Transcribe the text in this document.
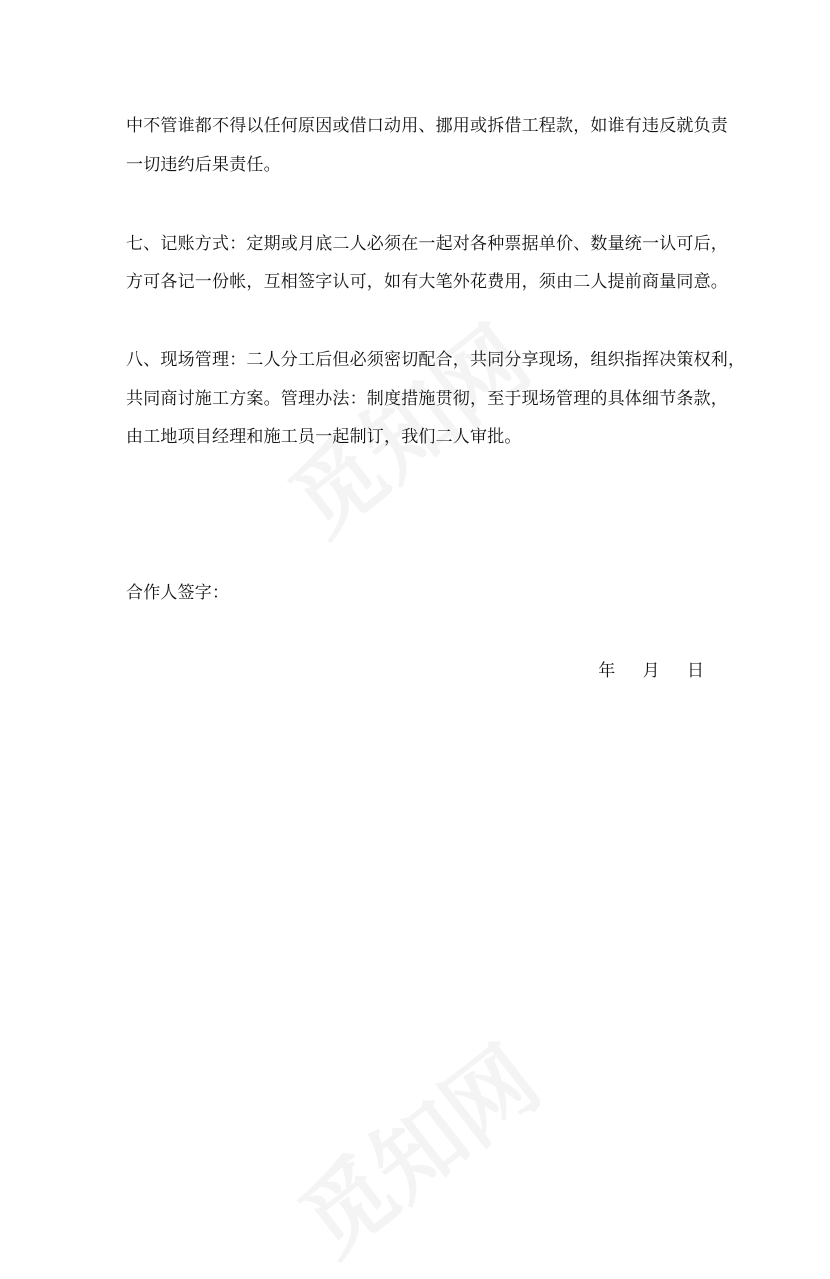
中不管谁都不得以任何原因或借口动用、挪用或拆借工程款，如谁有违反就负责
一切违约后果责任。
七、记账方式：定期或月底二人必须在一起对各种票据单价、数量统一认可后，
方可各记一份帐，互相签字认可，如有大笔外花费用，须由二人提前商量同意。
八、现场管理：二人分工后但必须密切配合，共同分享现场，组织指挥决策权利，
共同商讨施工方案。管理办法：制度措施贯彻，至于现场管理的具体细节条款，
由工地项目经理和施工员一起制订，我们二人审批。
合作人签字：
年 月 日
